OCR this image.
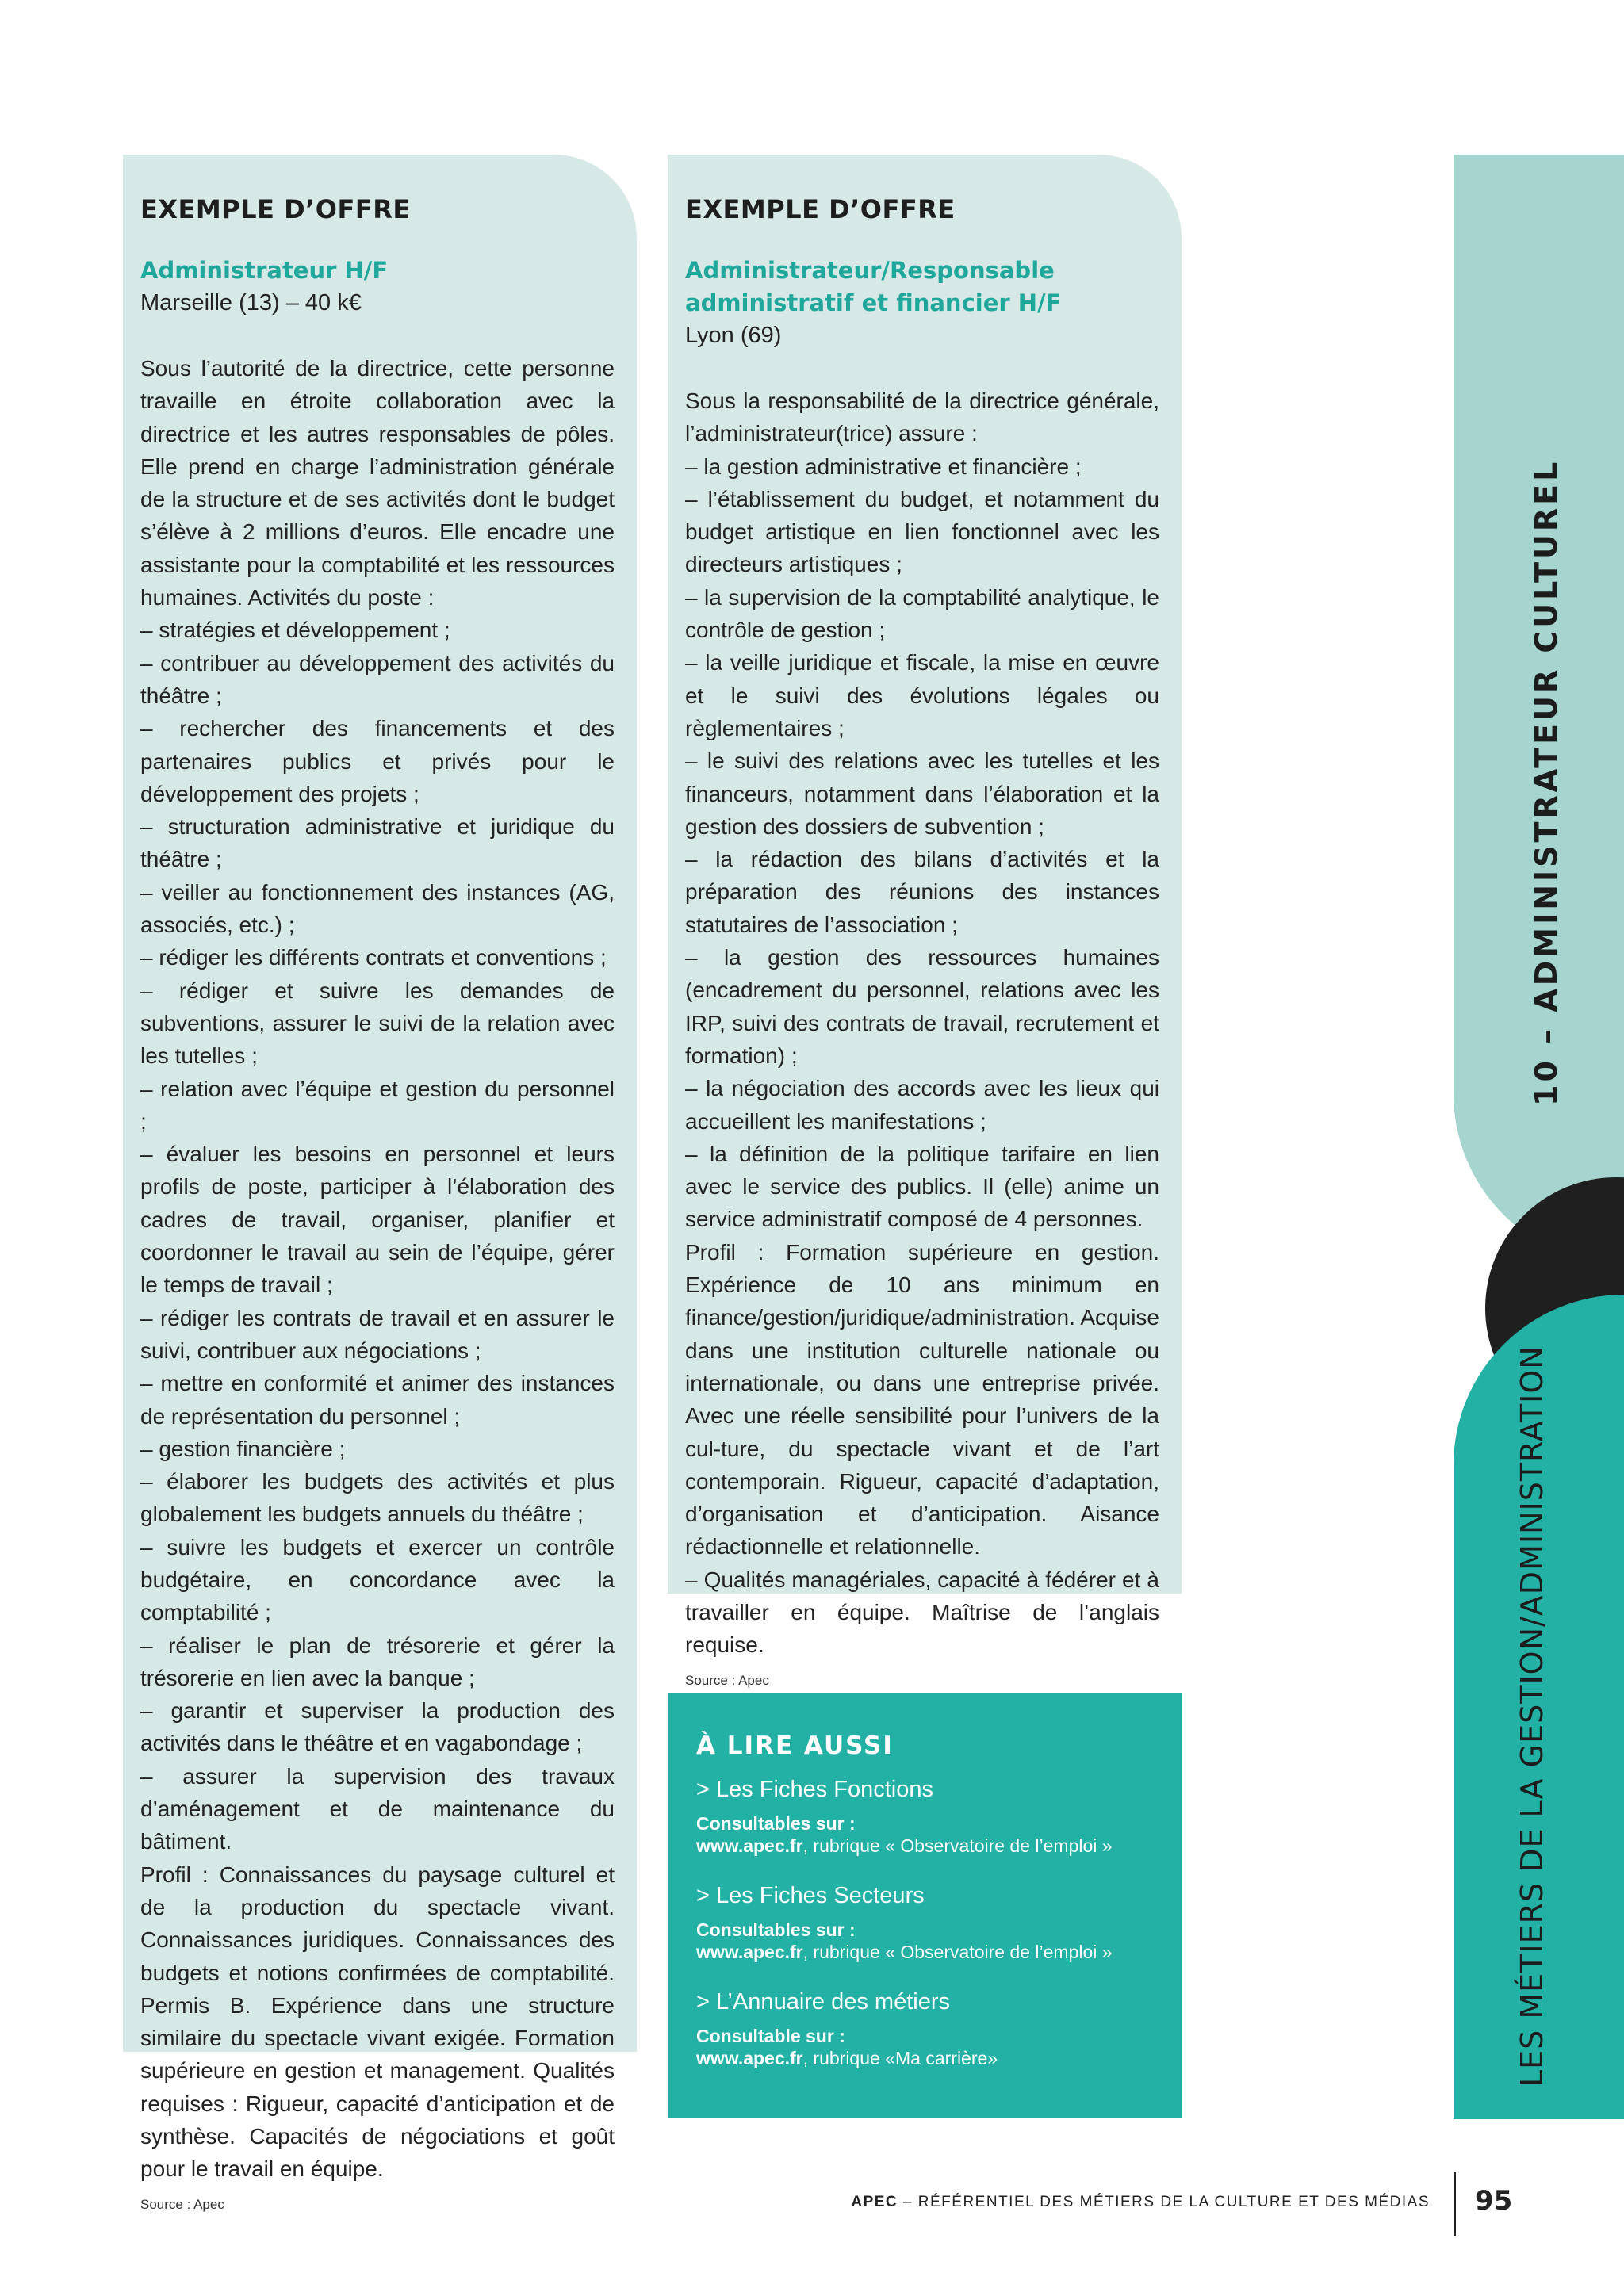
EXEMPLE D’OFFRE
Administrateur H/F
Marseille (13) – 40 k€

Sous l’autorité de la directrice, cette personne travaille en étroite collaboration avec la directrice et les autres responsables de pôles. Elle prend en charge l’administration générale de la structure et de ses activités dont le budget s’élève à 2 millions d’euros. Elle encadre une assistante pour la comptabilité et les ressources humaines. Activités du poste :

– stratégies et développement ;

– contribuer au développement des activités du théâtre ;

– rechercher des financements et des partenaires publics et privés pour le développement des projets ;

– structuration administrative et juridique du théâtre ;

– veiller au fonctionnement des instances (AG, associés, etc.) ;

– rédiger les différents contrats et conventions ;

– rédiger et suivre les demandes de subventions, assurer le suivi de la relation avec les tutelles ;

– relation avec l’équipe et gestion du personnel ;

– évaluer les besoins en personnel et leurs profils de poste, participer à l’élaboration des cadres de travail, organiser, planifier et coordonner le travail au sein de l’équipe, gérer le temps de travail ;

– rédiger les contrats de travail et en assurer le suivi, contribuer aux négociations ;

– mettre en conformité et animer des instances de représentation du personnel ;

– gestion financière ;

– élaborer les budgets des activités et plus globalement les budgets annuels du théâtre ;

– suivre les budgets et exercer un contrôle budgétaire, en concordance avec la comptabilité ;

– réaliser le plan de trésorerie et gérer la trésorerie en lien avec la banque ;

– garantir et superviser la production des activités dans le théâtre et en vagabondage ;

– assurer la supervision des travaux d’aménagement et de maintenance du bâtiment.

Profil : Connaissances du paysage culturel et de la production du spectacle vivant. Connaissances juridiques. Connaissances des budgets et notions confirmées de comptabilité. Permis B. Expérience dans une structure similaire du spectacle vivant exigée. Formation supérieure en gestion et management. Qualités requises : Rigueur, capacité d’anticipation et de synthèse. Capacités de négociations et goût pour le travail en équipe.

Source : Apec
EXEMPLE D’OFFRE
Administrateur/Responsable
administratif et financier H/F
Lyon (69)

Sous la responsabilité de la directrice générale, l’administrateur(trice) assure :

– la gestion administrative et financière ;

– l’établissement du budget, et notamment du budget artistique en lien fonctionnel avec les directeurs artistiques ;

– la supervision de la comptabilité analytique, le contrôle de gestion ;

– la veille juridique et fiscale, la mise en œuvre et le suivi des évolutions légales ou règlementaires ;

– le suivi des relations avec les tutelles et les financeurs, notamment dans l’élaboration et la gestion des dossiers de subvention ;

– la rédaction des bilans d’activités et la préparation des réunions des instances statutaires de l’association ;

– la gestion des ressources humaines (encadrement du personnel, relations avec les IRP, suivi des contrats de travail, recrutement et formation) ;

– la négociation des accords avec les lieux qui accueillent les manifestations ;

– la définition de la politique tarifaire en lien avec le service des publics. Il (elle) anime un service administratif composé de 4 personnes.

Profil : Formation supérieure en gestion. Expérience de 10 ans minimum en finance/gestion/juridique/administration. Acquise dans une institution culturelle nationale ou internationale, ou dans une entreprise privée. Avec une réelle sensibilité pour l’univers de la cul-ture, du spectacle vivant et de l’art contemporain. Rigueur, capacité d’adaptation, d’organisation et d’anticipation. Aisance rédactionnelle et relationnelle.

– Qualités managériales, capacité à fédérer et à travailler en équipe. Maîtrise de l’anglais requise.

Source : Apec
À LIRE AUSSI
> Les Fiches Fonctions
Consultables sur :
www.apec.fr, rubrique « Observatoire de l’emploi »
> Les Fiches Secteurs
Consultables sur :
www.apec.fr, rubrique « Observatoire de l’emploi »
> L’Annuaire des métiers
Consultable sur :
www.apec.fr, rubrique «Ma carrière»
10 – ADMINISTRATEUR CULTUREL
LES MÉTIERS DE LA GESTION/ADMINISTRATION
APEC – RÉFÉRENTIEL DES MÉTIERS DE LA CULTURE ET DES MÉDIAS 95
